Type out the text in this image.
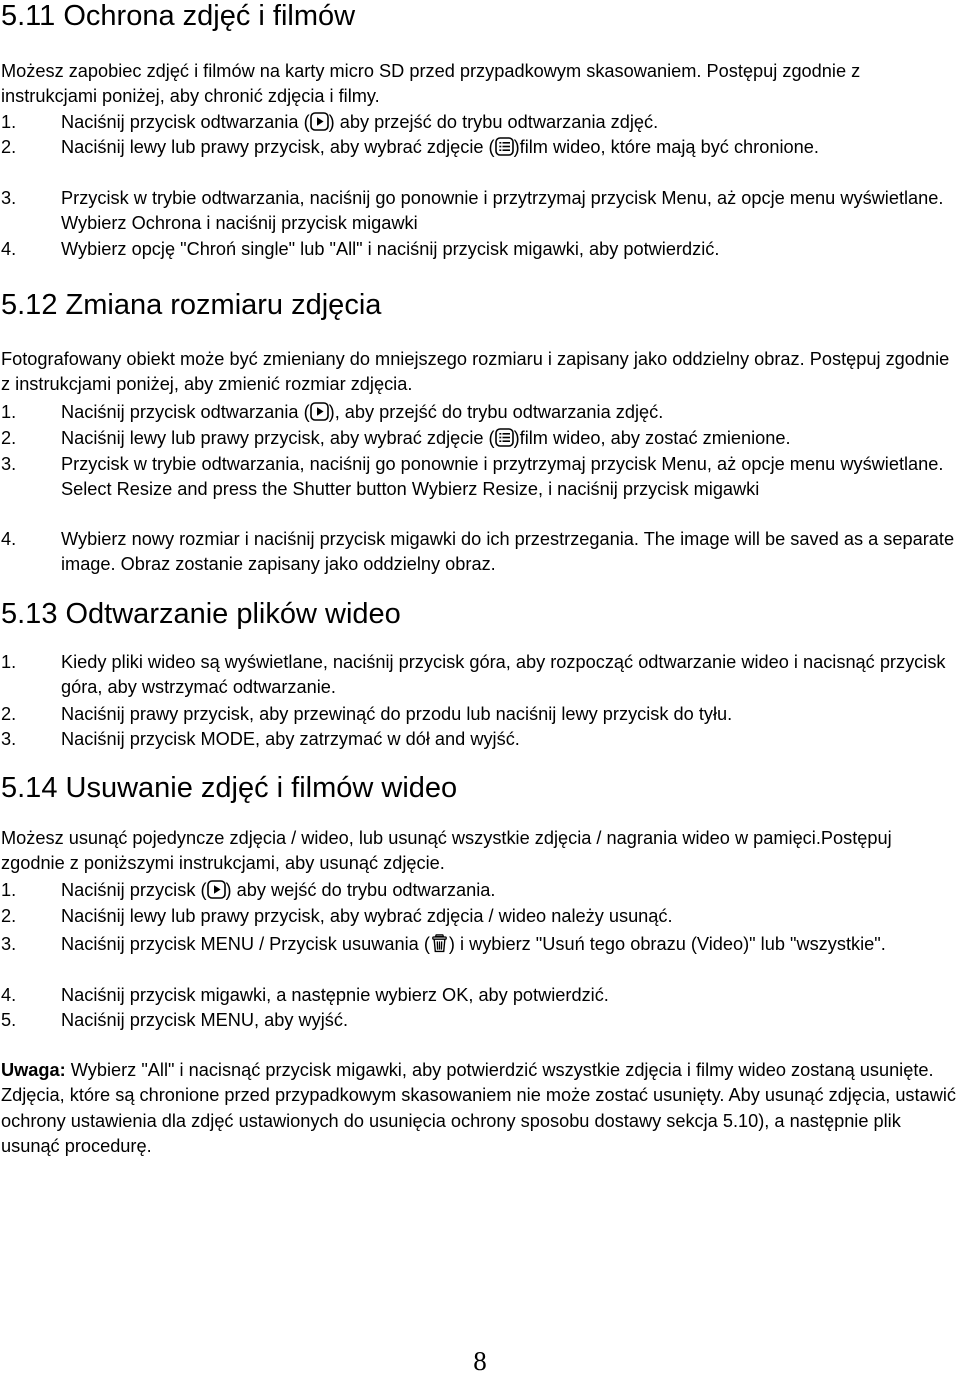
5.11 Ochrona zdjęć i filmów

Możesz zapobiec zdjęć i filmów na karty micro SD przed przypadkowym skasowaniem. Postępuj zgodnie z instrukcjami poniżej, aby chronić zdjęcia i filmy.

1. Naciśnij przycisk odtwarzania ( ) aby przejść do trybu odtwarzania zdjęć.
2. Naciśnij lewy lub prawy przycisk, aby wybrać zdjęcie ( )film wideo, które mają być chronione.
3. Przycisk w trybie odtwarzania, naciśnij go ponownie i przytrzymaj przycisk Menu, aż opcje menu wyświetlane. Wybierz Ochrona i naciśnij przycisk migawki
4. Wybierz opcję "Chroń single" lub "All" i naciśnij przycisk migawki, aby potwierdzić.
5.12 Zmiana rozmiaru zdjęcia

Fotografowany obiekt może być zmieniany do mniejszego rozmiaru i zapisany jako oddzielny obraz. Postępuj zgodnie z instrukcjami poniżej, aby zmienić rozmiar zdjęcia.

1. Naciśnij przycisk odtwarzania ( ), aby przejść do trybu odtwarzania zdjęć.
2. Naciśnij lewy lub prawy przycisk, aby wybrać zdjęcie ( )film wideo, aby zostać zmienione.
3. Przycisk w trybie odtwarzania, naciśnij go ponownie i przytrzymaj przycisk Menu, aż opcje menu wyświetlane. Select Resize and press the Shutter button Wybierz Resize, i naciśnij przycisk migawki
4. Wybierz nowy rozmiar i naciśnij przycisk migawki do ich przestrzegania. The image will be saved as a separate image. Obraz zostanie zapisany jako oddzielny obraz.
5.13 Odtwarzanie plików wideo
1. Kiedy pliki wideo są wyświetlane, naciśnij przycisk góra, aby rozpocząć odtwarzanie wideo i nacisnąć przycisk góra, aby wstrzymać odtwarzanie.
2. Naciśnij prawy przycisk, aby przewinąć do przodu lub naciśnij lewy przycisk do tyłu.
3. Naciśnij przycisk MODE, aby zatrzymać w dół and wyjść.
5.14 Usuwanie zdjęć i filmów wideo

Możesz usunąć pojedyncze zdjęcia / wideo, lub usunąć wszystkie zdjęcia / nagrania wideo w pamięci.Postępuj zgodnie z poniższymi instrukcjami, aby usunąć zdjęcie.

1. Naciśnij przycisk ( ) aby wejść do trybu odtwarzania.
2. Naciśnij lewy lub prawy przycisk, aby wybrać zdjęcia / wideo należy usunąć.
3. Naciśnij przycisk MENU / Przycisk usuwania ( ) i wybierz "Usuń tego obrazu (Video)" lub "wszystkie".
4. Naciśnij przycisk migawki, a następnie wybierz OK, aby potwierdzić.
5. Naciśnij przycisk MENU, aby wyjść.

Uwaga: Wybierz "All" i nacisnąć przycisk migawki, aby potwierdzić wszystkie zdjęcia i filmy wideo zostaną usunięte. Zdjęcia, które są chronione przed przypadkowym skasowaniem nie może zostać usunięty. Aby usunąć zdjęcia, ustawić ochrony ustawienia dla zdjęć ustawionych do usunięcia ochrony sposobu dostawy sekcja 5.10), a następnie plik usunąć procedurę.

8
